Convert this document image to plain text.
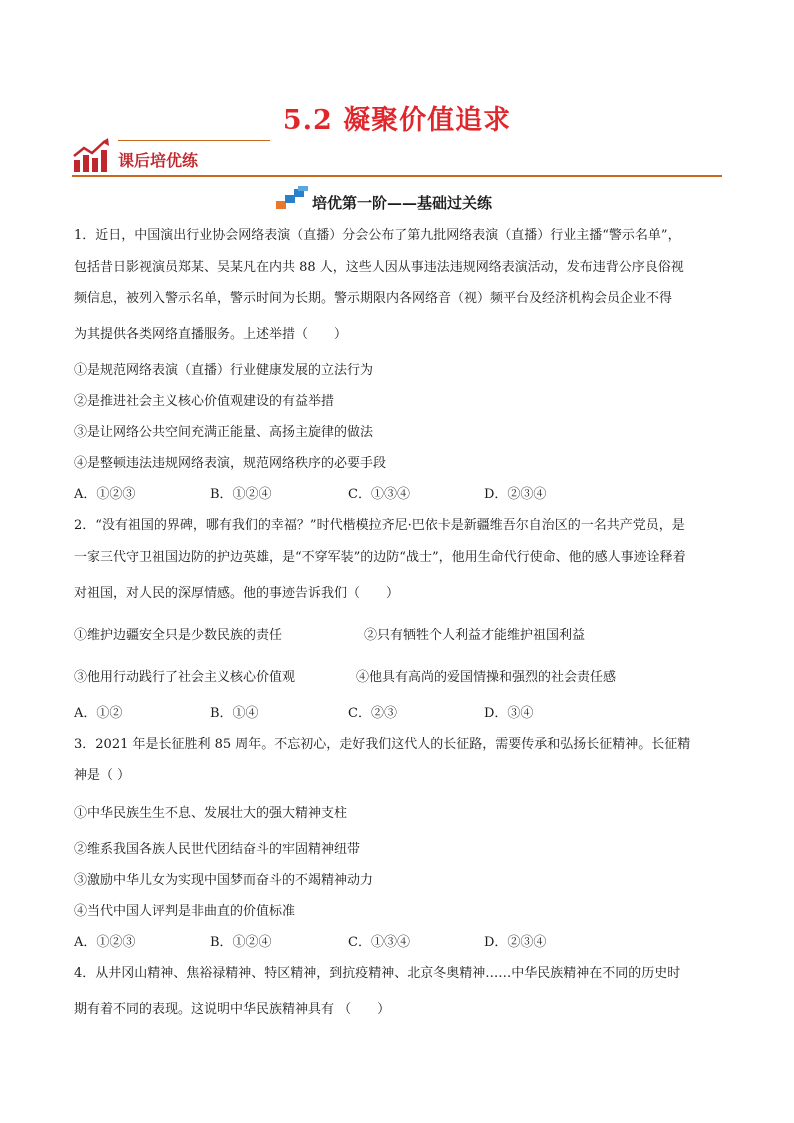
5.2 凝聚价值追求
课后培优练
培优第一阶——基础过关练
1．近日，中国演出行业协会网络表演（直播）分会公布了第九批网络表演（直播）行业主播“警示名单”，
包括昔日影视演员郑某、吴某凡在内共 88 人，这些人因从事违法违规网络表演活动，发布违背公序良俗视
频信息，被列入警示名单，警示时间为长期。警示期限内各网络音（视）频平台及经济机构会员企业不得
为其提供各类网络直播服务。上述举措（　　）
①是规范网络表演（直播）行业健康发展的立法行为
②是推进社会主义核心价值观建设的有益举措
③是让网络公共空间充满正能量、高扬主旋律的做法
④是整顿违法违规网络表演，规范网络秩序的必要手段
A．①②③	B．①②④	C．①③④	D．②③④
2．“没有祖国的界碑，哪有我们的幸福？”时代楷模拉齐尼·巴依卡是新疆维吾尔自治区的一名共产党员，是
一家三代守卫祖国边防的护边英雄，是“不穿军装”的边防“战士”，他用生命代行使命、他的感人事迹诠释着
对祖国，对人民的深厚情感。他的事迹告诉我们（　　）
①维护边疆安全只是少数民族的责任	②只有牺牲个人利益才能维护祖国利益
③他用行动践行了社会主义核心价值观	④他具有高尚的爱国情操和强烈的社会责任感
A．①②	B．①④	C．②③	D．③④
3．2021 年是长征胜利 85 周年。不忘初心，走好我们这代人的长征路，需要传承和弘扬长征精神。长征精
神是（ ）
①中华民族生生不息、发展壮大的强大精神支柱
②维系我国各族人民世代团结奋斗的牢固精神纽带
③激励中华儿女为实现中国梦而奋斗的不竭精神动力
④当代中国人评判是非曲直的价值标准
A．①②③	B．①②④	C．①③④	D．②③④
4．从井冈山精神、焦裕禄精神、特区精神，到抗疫精神、北京冬奥精神……中华民族精神在不同的历史时
期有着不同的表现。这说明中华民族精神具有 （　　）
